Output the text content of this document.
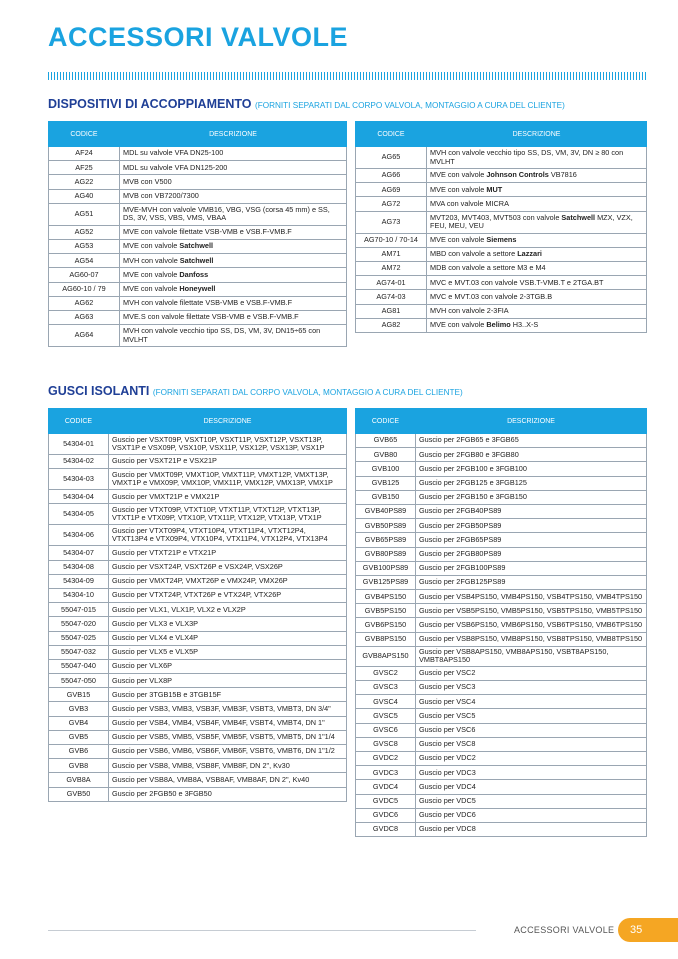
ACCESSORI VALVOLE
DISPOSITIVI DI ACCOPPIAMENTO (FORNITI SEPARATI DAL CORPO VALVOLA, MONTAGGIO A CURA DEL CLIENTE)
CODICE	DESCRIZIONE
AF24	MDL su valvole VFA DN25-100
AF25	MDL su valvole VFA DN125-200
AG22	MVB con V500
AG40	MVB con VB7200/7300
AG51	MVE-MVH con valvole VMB16, VBG, VSG (corsa 45 mm) e SS, DS, 3V, VSS, VBS, VMS, VBAA
AG52	MVE con valvole filettate VSB-VMB e VSB.F-VMB.F
AG53	MVE con valvole Satchwell
AG54	MVH con valvole Satchwell
AG60-07	MVE con valvole Danfoss
AG60-10 / 79	MVE con valvole Honeywell
AG62	MVH con valvole filettate VSB-VMB e VSB.F-VMB.F
AG63	MVE.S con valvole filettate VSB-VMB e VSB.F-VMB.F
AG64	MVH con valvole vecchio tipo SS, DS, VM, 3V, DN15÷65 con MVLHT
CODICE	DESCRIZIONE
AG65	MVH con valvole vecchio tipo SS, DS, VM, 3V, DN ≥ 80 con MVLHT
AG66	MVE con valvole Johnson Controls VB7816
AG69	MVE con valvole MUT
AG72	MVA con valvole MICRA
AG73	MVT203, MVT403, MVT503 con valvole Satchwell MZX, VZX, FEU, MEU, VEU
AG70-10 / 70-14	MVE con valvole Siemens
AM71	MBD con valvole a settore Lazzari
AM72	MDB con valvole a settore M3 e M4
AG74-01	MVC e MVT.03 con valvole VSB.T-VMB.T e 2TGA.BT
AG74-03	MVC e MVT.03 con valvole 2-3TGB.B
AG81	MVH con valvole 2-3FIA
AG82	MVE con valvole Belimo H3..X-S
GUSCI ISOLANTI (FORNITI SEPARATI DAL CORPO VALVOLA, MONTAGGIO A CURA DEL CLIENTE)
CODICE	DESCRIZIONE
54304-01	Guscio per VSXT09P, VSXT10P, VSXT11P, VSXT12P, VSXT13P, VSXT1P e VSX09P, VSX10P, VSX11P, VSX12P, VSX13P, VSX1P
54304-02	Guscio per VSXT21P e VSX21P
54304-03	Guscio per VMXT09P, VMXT10P, VMXT11P, VMXT12P, VMXT13P, VMXT1P e VMX09P, VMX10P, VMX11P, VMX12P, VMX13P, VMX1P
54304-04	Guscio per VMXT21P e VMX21P
54304-05	Guscio per VTXT09P, VTXT10P, VTXT11P, VTXT12P, VTXT13P, VTXT1P e VTX09P, VTX10P, VTX11P, VTX12P, VTX13P, VTX1P
54304-06	Guscio per VTXT09P4, VTXT10P4, VTXT11P4, VTXT12P4, VTXT13P4 e VTX09P4, VTX10P4, VTX11P4, VTX12P4, VTX13P4
54304-07	Guscio per VTXT21P e VTX21P
54304-08	Guscio per VSXT24P, VSXT26P e VSX24P, VSX26P
54304-09	Guscio per VMXT24P, VMXT26P e VMX24P, VMX26P
54304-10	Guscio per VTXT24P, VTXT26P e VTX24P, VTX26P
55047-015	Guscio per VLX1, VLX1P, VLX2 e VLX2P
55047-020	Guscio per VLX3 e VLX3P
55047-025	Guscio per VLX4 e VLX4P
55047-032	Guscio per VLX5 e VLX5P
55047-040	Guscio per VLX6P
55047-050	Guscio per VLX8P
GVB15	Guscio per 3TGB15B e 3TGB15F
GVB3	Guscio per VSB3, VMB3, VSB3F, VMB3F, VSBT3, VMBT3, DN 3/4"
GVB4	Guscio per VSB4, VMB4, VSB4F, VMB4F, VSBT4, VMBT4, DN 1"
GVB5	Guscio per VSB5, VMB5, VSB5F, VMB5F, VSBT5, VMBT5, DN 1"1/4
GVB6	Guscio per VSB6, VMB6, VSB6F, VMB6F, VSBT6, VMBT6, DN 1"1/2
GVB8	Guscio per VSB8, VMB8, VSB8F, VMB8F, DN 2", Kv30
GVB8A	Guscio per VSB8A, VMB8A, VSB8AF, VMB8AF, DN 2", Kv40
GVB50	Guscio per 2FGB50 e 3FGB50
CODICE	DESCRIZIONE
GVB65	Guscio per 2FGB65 e 3FGB65
GVB80	Guscio per 2FGB80 e 3FGB80
GVB100	Guscio per 2FGB100 e 3FGB100
GVB125	Guscio per 2FGB125 e 3FGB125
GVB150	Guscio per 2FGB150 e 3FGB150
GVB40PS89	Guscio per 2FGB40PS89
GVB50PS89	Guscio per 2FGB50PS89
GVB65PS89	Guscio per 2FGB65PS89
GVB80PS89	Guscio per 2FGB80PS89
GVB100PS89	Guscio per 2FGB100PS89
GVB125PS89	Guscio per 2FGB125PS89
GVB4PS150	Guscio per VSB4PS150, VMB4PS150, VSB4TPS150, VMB4TPS150
GVB5PS150	Guscio per VSB5PS150, VMB5PS150, VSB5TPS150, VMB5TPS150
GVB6PS150	Guscio per VSB6PS150, VMB6PS150, VSB6TPS150, VMB6TPS150
GVB8PS150	Guscio per VSB8PS150, VMB8PS150, VSB8TPS150, VMB8TPS150
GVB8APS150	Guscio per VSB8APS150, VMB8APS150, VSBT8APS150, VMBT8APS150
GVSC2	Guscio per VSC2
GVSC3	Guscio per VSC3
GVSC4	Guscio per VSC4
GVSC5	Guscio per VSC5
GVSC6	Guscio per VSC6
GVSC8	Guscio per VSC8
GVDC2	Guscio per VDC2
GVDC3	Guscio per VDC3
GVDC4	Guscio per VDC4
GVDC5	Guscio per VDC5
GVDC6	Guscio per VDC6
GVDC8	Guscio per VDC8
ACCESSORI VALVOLE	35
